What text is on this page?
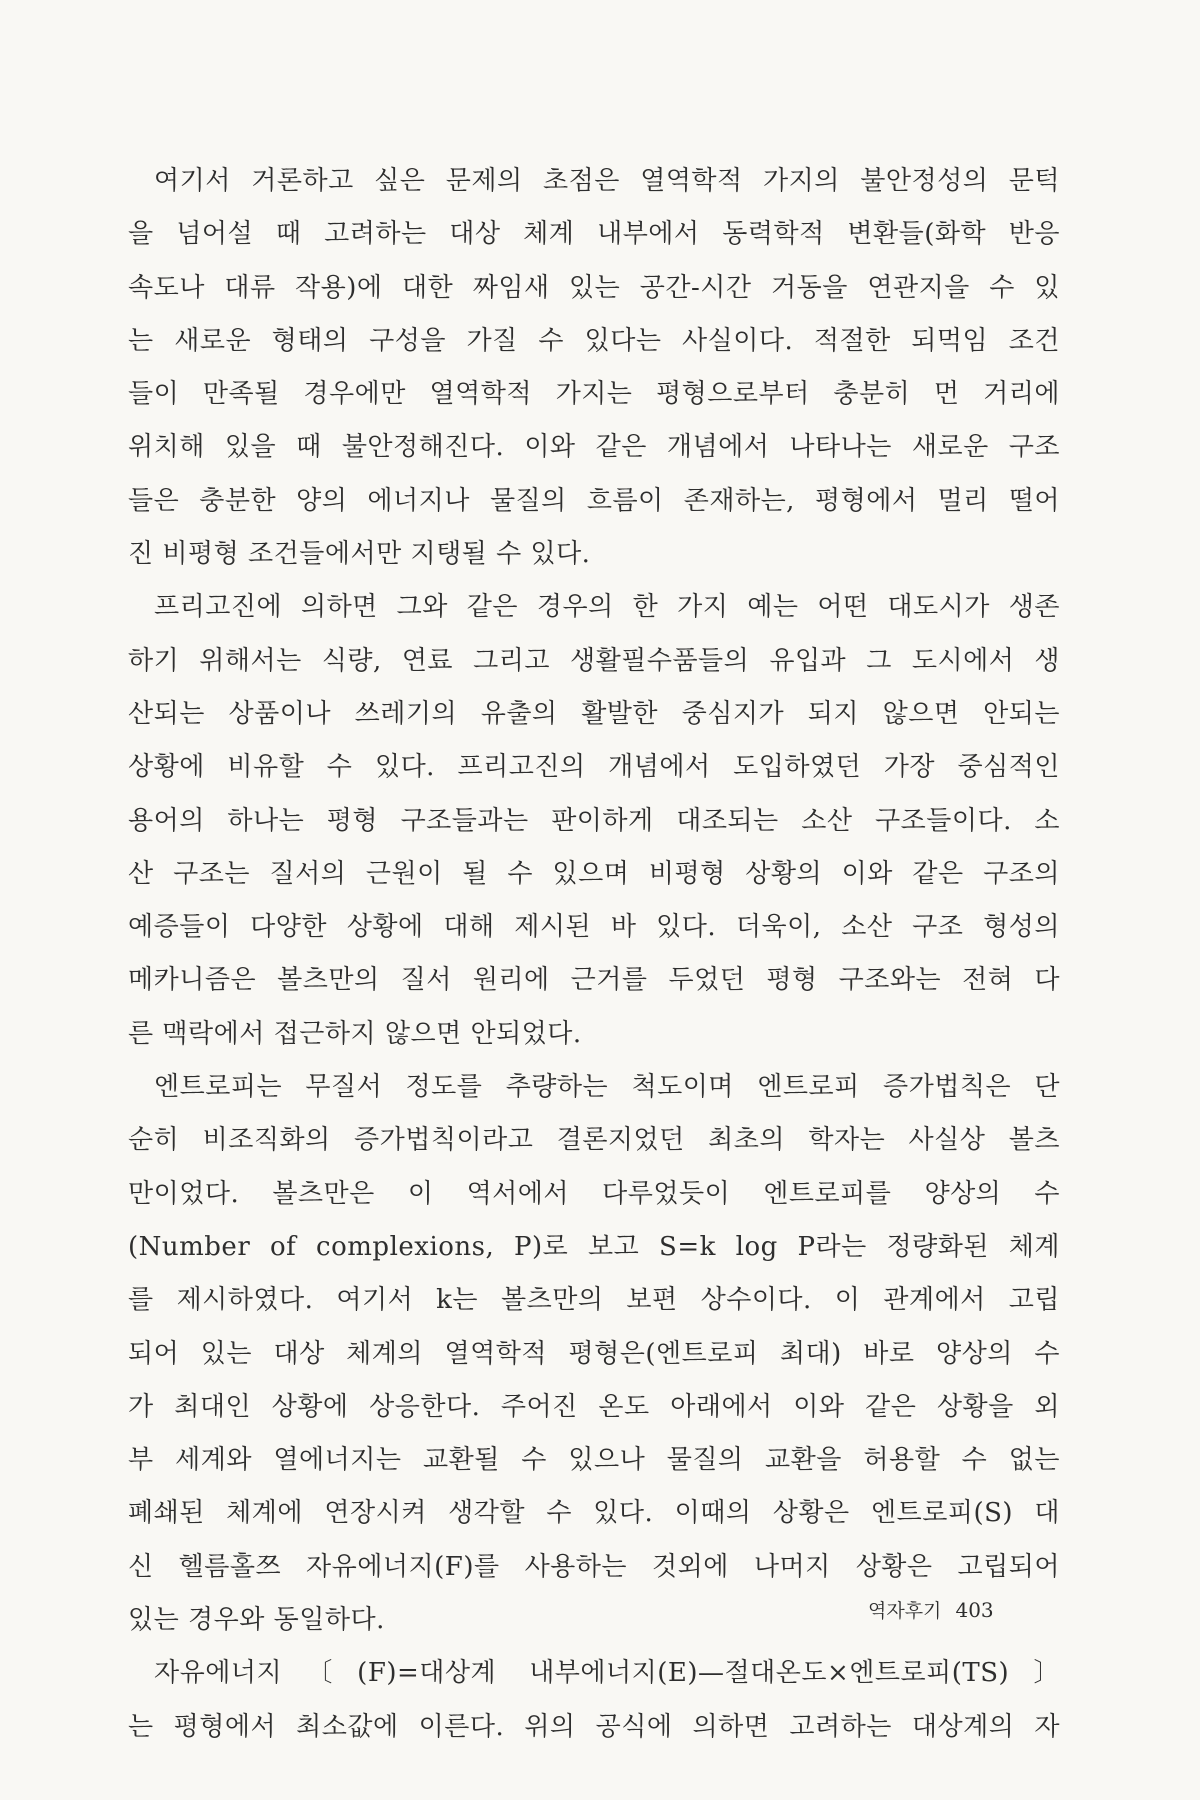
여기서 거론하고 싶은 문제의 초점은 열역학적 가지의 불안정성의 문턱
을 넘어설 때 고려하는 대상 체계 내부에서 동력학적 변환들(화학 반응
속도나 대류 작용)에 대한 짜임새 있는 공간-시간 거동을 연관지을 수 있
는 새로운 형태의 구성을 가질 수 있다는 사실이다. 적절한 되먹임 조건
들이 만족될 경우에만 열역학적 가지는 평형으로부터 충분히 먼 거리에
위치해 있을 때 불안정해진다. 이와 같은 개념에서 나타나는 새로운 구조
들은 충분한 양의 에너지나 물질의 흐름이 존재하는, 평형에서 멀리 떨어
진 비평형 조건들에서만 지탱될 수 있다.
프리고진에 의하면 그와 같은 경우의 한 가지 예는 어떤 대도시가 생존
하기 위해서는 식량, 연료 그리고 생활필수품들의 유입과 그 도시에서 생
산되는 상품이나 쓰레기의 유출의 활발한 중심지가 되지 않으면 안되는
상황에 비유할 수 있다. 프리고진의 개념에서 도입하였던 가장 중심적인
용어의 하나는 평형 구조들과는 판이하게 대조되는 소산 구조들이다. 소
산 구조는 질서의 근원이 될 수 있으며 비평형 상황의 이와 같은 구조의
예증들이 다양한 상황에 대해 제시된 바 있다. 더욱이, 소산 구조 형성의
메카니즘은 볼츠만의 질서 원리에 근거를 두었던 평형 구조와는 전혀 다
른 맥락에서 접근하지 않으면 안되었다.
엔트로피는 무질서 정도를 추량하는 척도이며 엔트로피 증가법칙은 단
순히 비조직화의 증가법칙이라고 결론지었던 최초의 학자는 사실상 볼츠
만이었다. 볼츠만은 이 역서에서 다루었듯이 엔트로피를 양상의 수
(Number of complexions, P)로 보고 S=k log P라는 정량화된 체계
를 제시하였다. 여기서 k는 볼츠만의 보편 상수이다. 이 관계에서 고립
되어 있는 대상 체계의 열역학적 평형은(엔트로피 최대) 바로 양상의 수
가 최대인 상황에 상응한다. 주어진 온도 아래에서 이와 같은 상황을 외
부 세계와 열에너지는 교환될 수 있으나 물질의 교환을 허용할 수 없는
폐쇄된 체계에 연장시켜 생각할 수 있다. 이때의 상황은 엔트로피(S) 대
신 헬름홀쯔 자유에너지(F)를 사용하는 것외에 나머지 상황은 고립되어
있는 경우와 동일하다.
자유에너지〔(F)=대상계 내부에너지(E)—절대온도×엔트로피(TS)〕
는 평형에서 최소값에 이른다. 위의 공식에 의하면 고려하는 대상계의 자
역자후기 403
